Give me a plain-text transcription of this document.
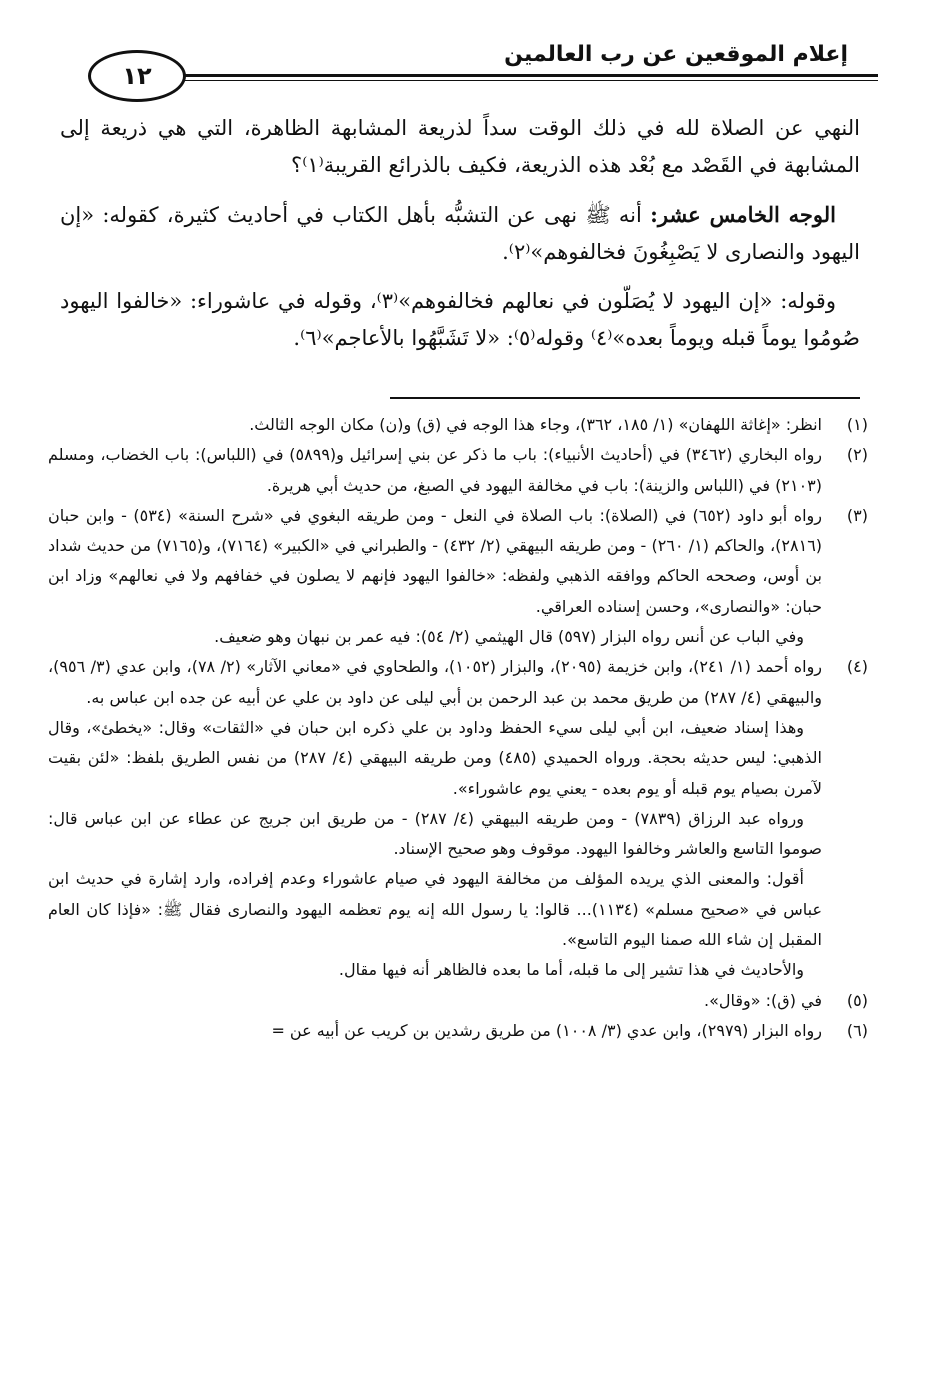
إعلام الموقعين عن رب العالمين
١٢

النهي عن الصلاة لله في ذلك الوقت سداً لذريعة المشابهة الظاهرة، التي هي ذريعة إلى المشابهة في القَصْد مع بُعْد هذه الذريعة، فكيف بالذرائع القريبة⁽١⁾؟

الوجه الخامس عشر: أنه ﷺ نهى عن التشبُّه بأهل الكتاب في أحاديث كثيرة، كقوله: «إن اليهود والنصارى لا يَصْبِغُونَ فخالفوهم»⁽٢⁾.

وقوله: «إن اليهود لا يُصَلّون في نعالهم فخالفوهم»⁽٣⁾، وقوله في عاشوراء: «خالفوا اليهود صُومُوا يوماً قبله ويوماً بعده»⁽٤⁾ وقوله⁽٥⁾: «لا تَشَبَّهُوا بالأعاجم»⁽٦⁾.

(١)

انظر: «إغاثة اللهفان» (١/ ١٨٥، ٣٦٢)، وجاء هذا الوجه في (ق) و(ن) مكان الوجه الثالث.

(٢)

رواه البخاري (٣٤٦٢) في (أحاديث الأنبياء): باب ما ذكر عن بني إسرائيل و(٥٨٩٩) في (اللباس): باب الخضاب، ومسلم (٢١٠٣) في (اللباس والزينة): باب في مخالفة اليهود في الصبغ، من حديث أبي هريرة.

(٣)

رواه أبو داود (٦٥٢) في (الصلاة): باب الصلاة في النعل - ومن طريقه البغوي في «شرح السنة» (٥٣٤) - وابن حبان (٢٨١٦)، والحاكم (١/ ٢٦٠) - ومن طريقه البيهقي (٢/ ٤٣٢) - والطبراني في «الكبير» (٧١٦٤)، و(٧١٦٥) من حديث شداد بن أوس، وصححه الحاكم ووافقه الذهبي ولفظه: «خالفوا اليهود فإنهم لا يصلون في خفافهم ولا في نعالهم» وزاد ابن حبان: «والنصارى»، وحسن إسناده العراقي.

وفي الباب عن أنس رواه البزار (٥٩٧) قال الهيثمي (٢/ ٥٤): فيه عمر بن نبهان وهو ضعيف.

(٤)

رواه أحمد (١/ ٢٤١)، وابن خزيمة (٢٠٩٥)، والبزار (١٠٥٢)، والطحاوي في «معاني الآثار» (٢/ ٧٨)، وابن عدي (٣/ ٩٥٦)، والبيهقي (٤/ ٢٨٧) من طريق محمد بن عبد الرحمن بن أبي ليلى عن داود بن علي عن أبيه عن جده ابن عباس به.

وهذا إسناد ضعيف، ابن أبي ليلى سيء الحفظ وداود بن علي ذكره ابن حبان في «الثقات» وقال: «يخطئ»، وقال الذهبي: ليس حديثه بحجة. ورواه الحميدي (٤٨٥) ومن طريقه البيهقي (٤/ ٢٨٧) من نفس الطريق بلفظ: «لئن بقيت لآمرن بصيام يوم قبله أو يوم بعده - يعني يوم عاشوراء».

ورواه عبد الرزاق (٧٨٣٩) - ومن طريقه البيهقي (٤/ ٢٨٧) - من طريق ابن جريج عن عطاء عن ابن عباس قال: صوموا التاسع والعاشر وخالفوا اليهود. موقوف وهو صحيح الإسناد.

أقول: والمعنى الذي يريده المؤلف من مخالفة اليهود في صيام عاشوراء وعدم إفراده، وارد إشارة في حديث ابن عباس في «صحيح مسلم» (١١٣٤)... قالوا: يا رسول الله إنه يوم تعظمه اليهود والنصارى فقال ﷺ: «فإذا كان العام المقبل إن شاء الله صمنا اليوم التاسع».

والأحاديث في هذا تشير إلى ما قبله، أما ما بعده فالظاهر أنه فيها مقال.

(٥)

في (ق): «وقال».

(٦)

رواه البزار (٢٩٧٩)، وابن عدي (٣/ ١٠٠٨) من طريق رشدين بن كريب عن أبيه عن =
